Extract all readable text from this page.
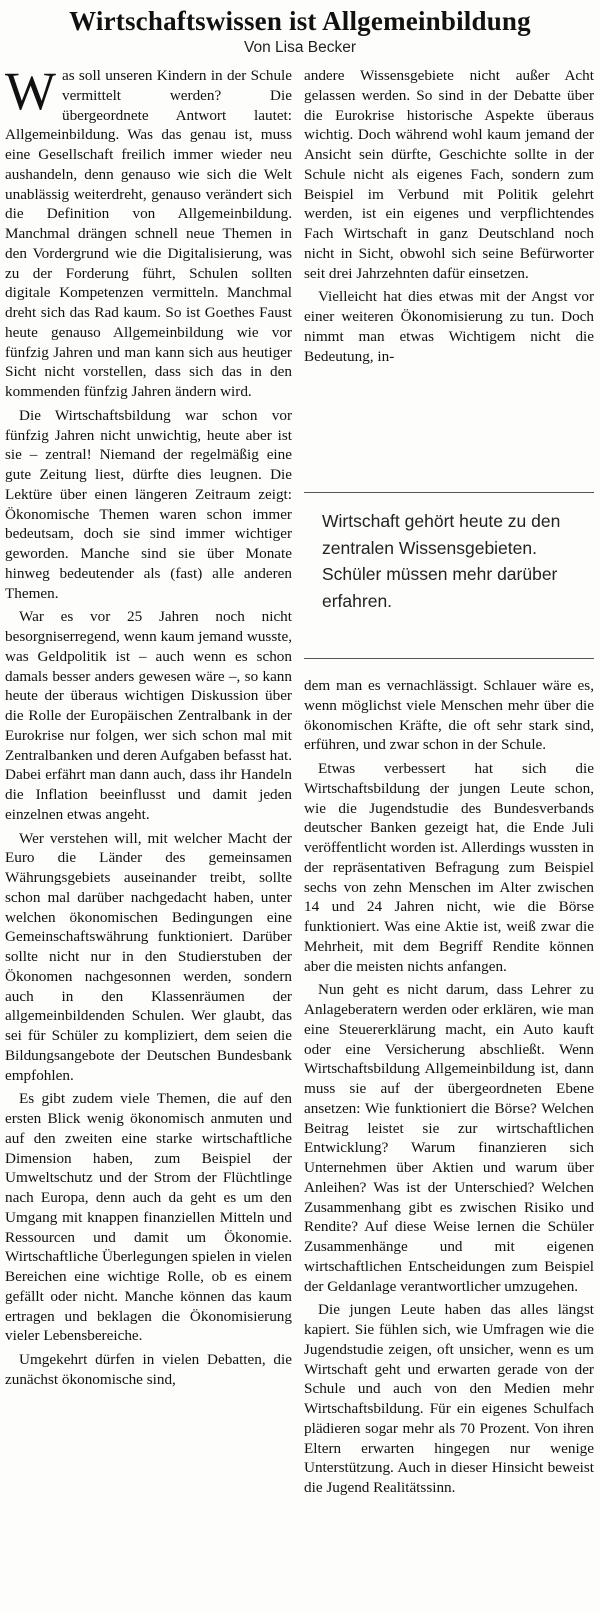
Wirtschaftswissen ist Allgemeinbildung
Von Lisa Becker

Was soll unseren Kindern in der Schule vermittelt werden? Die übergeordnete Antwort lautet: Allgemeinbildung. Was das genau ist, muss eine Gesellschaft freilich immer wieder neu aushandeln, denn genauso wie sich die Welt unablässig weiterdreht, genauso verändert sich die Definition von Allgemeinbildung. Manchmal drängen schnell neue Themen in den Vordergrund wie die Digitalisierung, was zu der Forderung führt, Schulen sollten digitale Kompetenzen vermitteln. Manchmal dreht sich das Rad kaum. So ist Goethes Faust heute genauso Allgemeinbildung wie vor fünfzig Jahren und man kann sich aus heutiger Sicht nicht vorstellen, dass sich das in den kommenden fünfzig Jahren ändern wird.

Die Wirtschaftsbildung war schon vor fünfzig Jahren nicht unwichtig, heute aber ist sie – zentral! Niemand der regelmäßig eine gute Zeitung liest, dürfte dies leugnen. Die Lektüre über einen längeren Zeitraum zeigt: Ökonomische Themen waren schon immer bedeutsam, doch sie sind immer wichtiger geworden. Manche sind sie über Monate hinweg bedeutender als (fast) alle anderen Themen.

War es vor 25 Jahren noch nicht besorgniserregend, wenn kaum jemand wusste, was Geldpolitik ist – auch wenn es schon damals besser anders gewesen wäre –, so kann heute der überaus wichtigen Diskussion über die Rolle der Europäischen Zentralbank in der Eurokrise nur folgen, wer sich schon mal mit Zentralbanken und deren Aufgaben befasst hat. Dabei erfährt man dann auch, dass ihr Handeln die Inflation beeinflusst und damit jeden einzelnen etwas angeht.

Wer verstehen will, mit welcher Macht der Euro die Länder des gemeinsamen Währungsgebiets auseinander treibt, sollte schon mal darüber nachgedacht haben, unter welchen ökonomischen Bedingungen eine Gemeinschaftswährung funktioniert. Darüber sollte nicht nur in den Studierstuben der Ökonomen nachgesonnen werden, sondern auch in den Klassenräumen der allgemeinbildenden Schulen. Wer glaubt, das sei für Schüler zu kompliziert, dem seien die Bildungsangebote der Deutschen Bundesbank empfohlen.

Es gibt zudem viele Themen, die auf den ersten Blick wenig ökonomisch anmuten und auf den zweiten eine starke wirtschaftliche Dimension haben, zum Beispiel der Umweltschutz und der Strom der Flüchtlinge nach Europa, denn auch da geht es um den Umgang mit knappen finanziellen Mitteln und Ressourcen und damit um Ökonomie. Wirtschaftliche Überlegungen spielen in vielen Bereichen eine wichtige Rolle, ob es einem gefällt oder nicht. Manche können das kaum ertragen und beklagen die Ökonomisierung vieler Lebensbereiche.

Umgekehrt dürfen in vielen Debatten, die zunächst ökonomische sind,

andere Wissensgebiete nicht außer Acht gelassen werden. So sind in der Debatte über die Eurokrise historische Aspekte überaus wichtig. Doch während wohl kaum jemand der Ansicht sein dürfte, Geschichte sollte in der Schule nicht als eigenes Fach, sondern zum Beispiel im Verbund mit Politik gelehrt werden, ist ein eigenes und verpflichtendes Fach Wirtschaft in ganz Deutschland noch nicht in Sicht, obwohl sich seine Befürworter seit drei Jahrzehnten dafür einsetzen.

Vielleicht hat dies etwas mit der Angst vor einer weiteren Ökonomisierung zu tun. Doch nimmt man etwas Wichtigem nicht die Bedeutung, in-

Wirtschaft gehört heute zu den zentralen Wissensgebieten. Schüler müssen mehr darüber erfahren.

dem man es vernachlässigt. Schlauer wäre es, wenn möglichst viele Menschen mehr über die ökonomischen Kräfte, die oft sehr stark sind, erführen, und zwar schon in der Schule.

Etwas verbessert hat sich die Wirtschaftsbildung der jungen Leute schon, wie die Jugendstudie des Bundesverbands deutscher Banken gezeigt hat, die Ende Juli veröffentlicht worden ist. Allerdings wussten in der repräsentativen Befragung zum Beispiel sechs von zehn Menschen im Alter zwischen 14 und 24 Jahren nicht, wie die Börse funktioniert. Was eine Aktie ist, weiß zwar die Mehrheit, mit dem Begriff Rendite können aber die meisten nichts anfangen.

Nun geht es nicht darum, dass Lehrer zu Anlageberatern werden oder erklären, wie man eine Steuererklärung macht, ein Auto kauft oder eine Versicherung abschließt. Wenn Wirtschaftsbildung Allgemeinbildung ist, dann muss sie auf der übergeordneten Ebene ansetzen: Wie funktioniert die Börse? Welchen Beitrag leistet sie zur wirtschaftlichen Entwicklung? Warum finanzieren sich Unternehmen über Aktien und warum über Anleihen? Was ist der Unterschied? Welchen Zusammenhang gibt es zwischen Risiko und Rendite? Auf diese Weise lernen die Schüler Zusammenhänge und mit eigenen wirtschaftlichen Entscheidungen zum Beispiel der Geldanlage verantwortlicher umzugehen.

Die jungen Leute haben das alles längst kapiert. Sie fühlen sich, wie Umfragen wie die Jugendstudie zeigen, oft unsicher, wenn es um Wirtschaft geht und erwarten gerade von der Schule und auch von den Medien mehr Wirtschaftsbildung. Für ein eigenes Schulfach plädieren sogar mehr als 70 Prozent. Von ihren Eltern erwarten hingegen nur wenige Unterstützung. Auch in dieser Hinsicht beweist die Jugend Realitätssinn.
